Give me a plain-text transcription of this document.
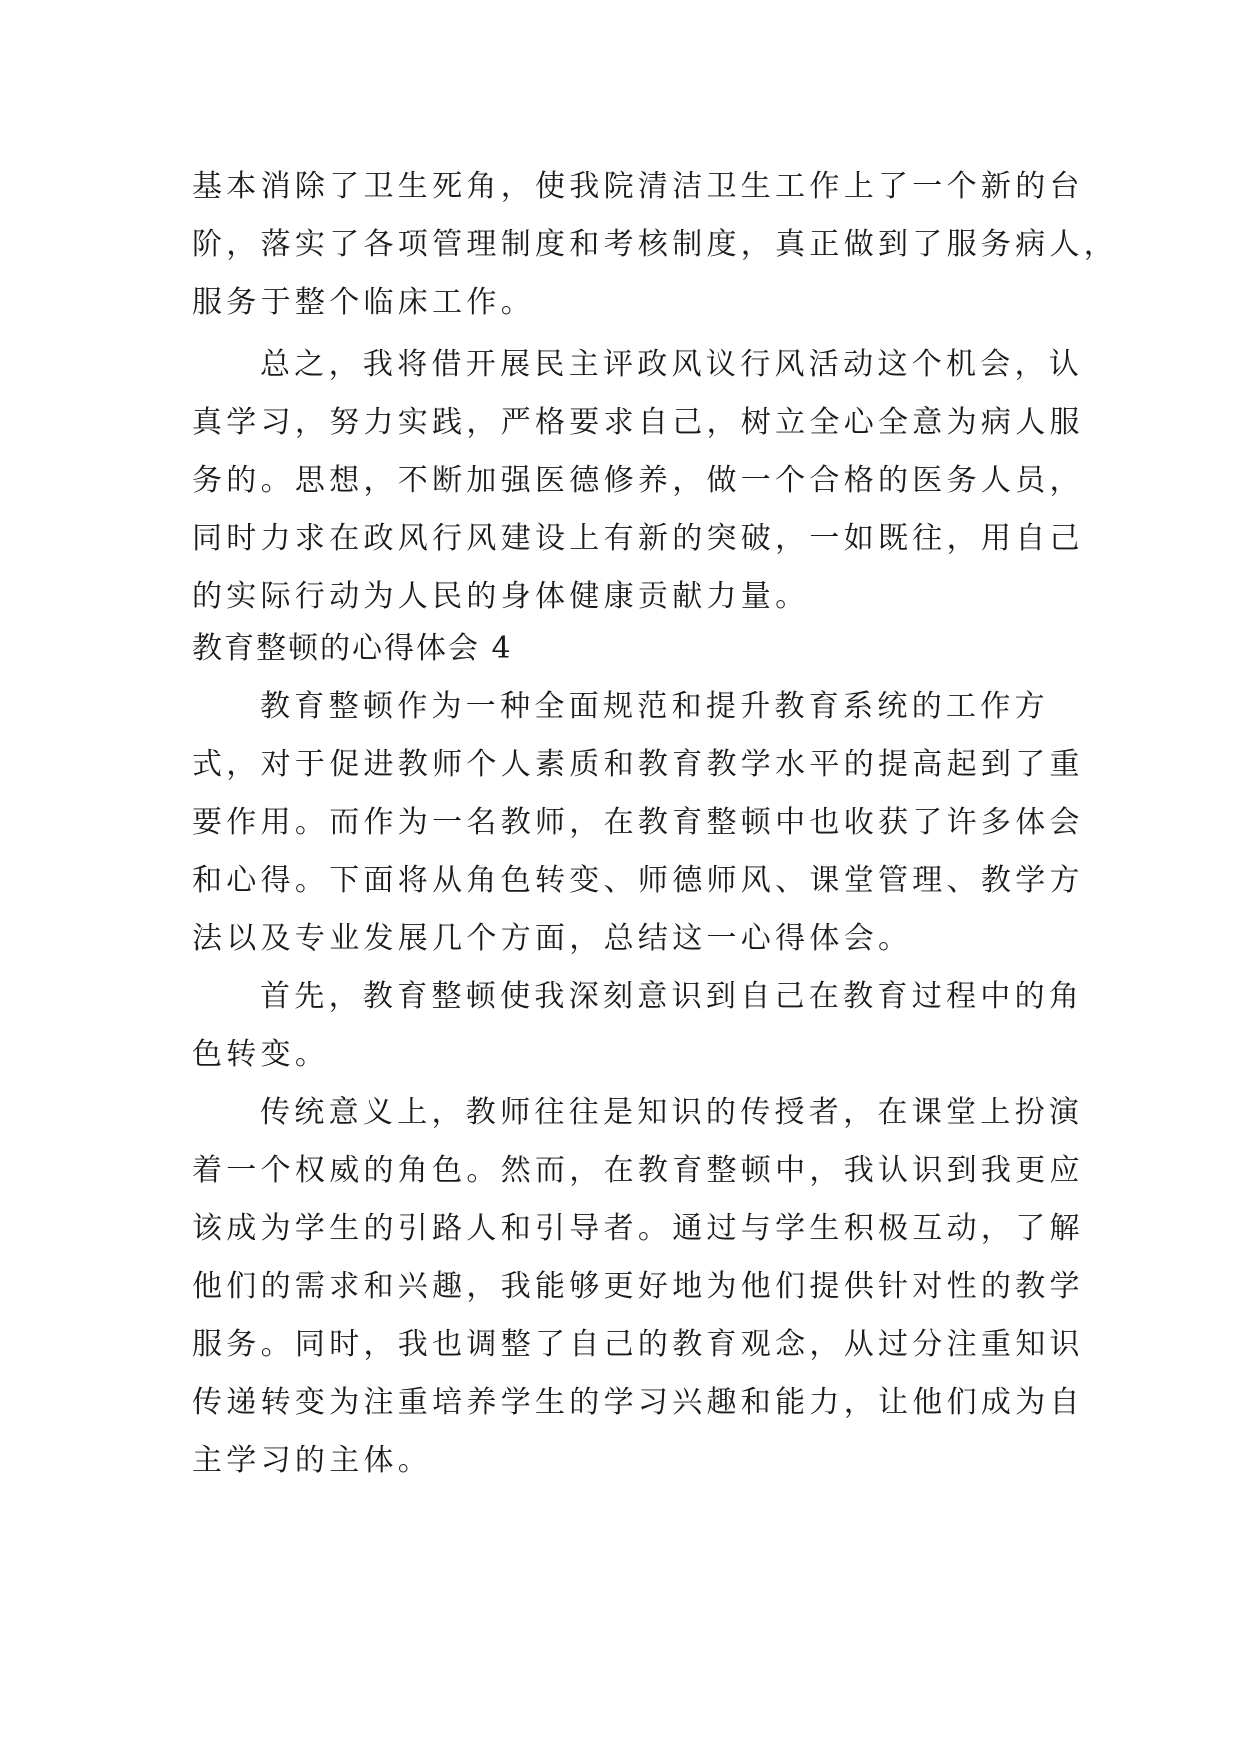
基本消除了卫生死角，使我院清洁卫生工作上了一个新的台
阶，落实了各项管理制度和考核制度，真正做到了服务病人，
服务于整个临床工作。
总之，我将借开展民主评政风议行风活动这个机会，认
真学习，努力实践，严格要求自己，树立全心全意为病人服
务的。思想，不断加强医德修养，做一个合格的医务人员，
同时力求在政风行风建设上有新的突破，一如既往，用自己
的实际行动为人民的身体健康贡献力量。
教育整顿的心得体会 4
教育整顿作为一种全面规范和提升教育系统的工作方
式，对于促进教师个人素质和教育教学水平的提高起到了重
要作用。而作为一名教师，在教育整顿中也收获了许多体会
和心得。下面将从角色转变、师德师风、课堂管理、教学方
法以及专业发展几个方面，总结这一心得体会。
首先，教育整顿使我深刻意识到自己在教育过程中的角
色转变。
传统意义上，教师往往是知识的传授者，在课堂上扮演
着一个权威的角色。然而，在教育整顿中，我认识到我更应
该成为学生的引路人和引导者。通过与学生积极互动，了解
他们的需求和兴趣，我能够更好地为他们提供针对性的教学
服务。同时，我也调整了自己的教育观念，从过分注重知识
传递转变为注重培养学生的学习兴趣和能力，让他们成为自
主学习的主体。
